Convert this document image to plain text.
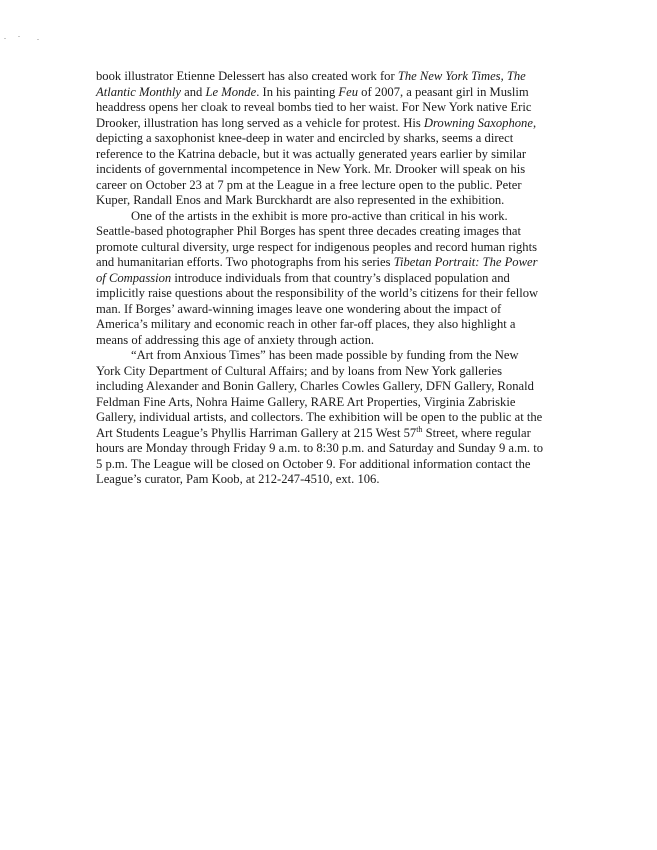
book illustrator Etienne Delessert has also created work for The New York Times, The
Atlantic Monthly and Le Monde. In his painting Feu of 2007, a peasant girl in Muslim
headdress opens her cloak to reveal bombs tied to her waist. For New York native Eric
Drooker, illustration has long served as a vehicle for protest. His Drowning Saxophone,
depicting a saxophonist knee-deep in water and encircled by sharks, seems a direct
reference to the Katrina debacle, but it was actually generated years earlier by similar
incidents of governmental incompetence in New York. Mr. Drooker will speak on his
career on October 23 at 7 pm at the League in a free lecture open to the public. Peter
Kuper, Randall Enos and Mark Burckhardt are also represented in the exhibition.

One of the artists in the exhibit is more pro-active than critical in his work.
Seattle-based photographer Phil Borges has spent three decades creating images that
promote cultural diversity, urge respect for indigenous peoples and record human rights
and humanitarian efforts. Two photographs from his series Tibetan Portrait: The Power
of Compassion introduce individuals from that country’s displaced population and
implicitly raise questions about the responsibility of the world’s citizens for their fellow
man. If Borges’ award-winning images leave one wondering about the impact of
America’s military and economic reach in other far-off places, they also highlight a
means of addressing this age of anxiety through action.

“Art from Anxious Times” has been made possible by funding from the New
York City Department of Cultural Affairs; and by loans from New York galleries
including Alexander and Bonin Gallery, Charles Cowles Gallery, DFN Gallery, Ronald
Feldman Fine Arts, Nohra Haime Gallery, RARE Art Properties, Virginia Zabriskie
Gallery, individual artists, and collectors. The exhibition will be open to the public at the
Art Students League’s Phyllis Harriman Gallery at 215 West 57th Street, where regular
hours are Monday through Friday 9 a.m. to 8:30 p.m. and Saturday and Sunday 9 a.m. to
5 p.m. The League will be closed on October 9. For additional information contact the
League’s curator, Pam Koob, at 212-247-4510, ext. 106.
